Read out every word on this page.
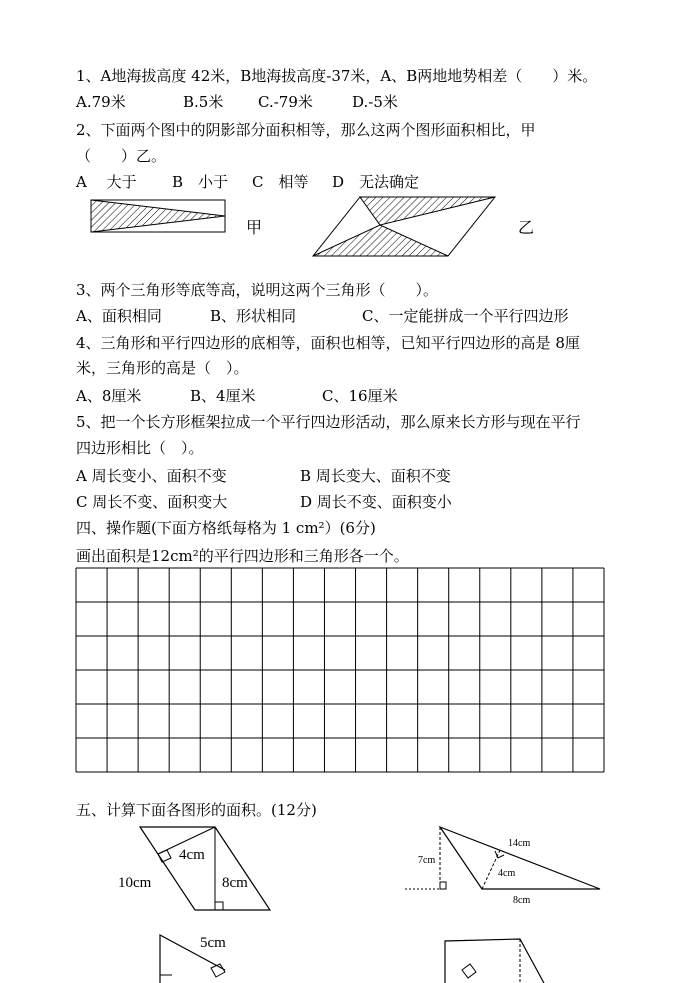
1、A地海拔高度 42米，B地海拔高度-37米，A、B两地地势相差（　　）米。
A.79米	B.5米 C.-79米	D.-5米
2、下面两个图中的阴影部分面积相等，那么这两个图形面积相比，甲
（　　）乙。
A　 大于 B　小于 C　相等 D　无法确定
甲	乙
3、两个三角形等底等高，说明这两个三角形（　　）。
A、面积相同	B、形状相同	C、一定能拼成一个平行四边形
4、三角形和平行四边形的底相等，面积也相等，已知平行四边形的高是 8厘
米，三角形的高是（　）。
A、8厘米	B、4厘米	C、16厘米
5、把一个长方形框架拉成一个平行四边形活动，那么原来长方形与现在平行
四边形相比（　）。
A 周长变小、面积不变	B 周长变大、面积不变
C 周长不变、面积变大	D 周长不变、面积变小
四、操作题(下面方格纸每格为 1 cm²）(6分)
画出面积是12cm²的平行四边形和三角形各一个。
五、计算下面各图形的面积。(12分)
4cm
10cm	8cm
14cm
7cm
4cm
8cm
5cm
